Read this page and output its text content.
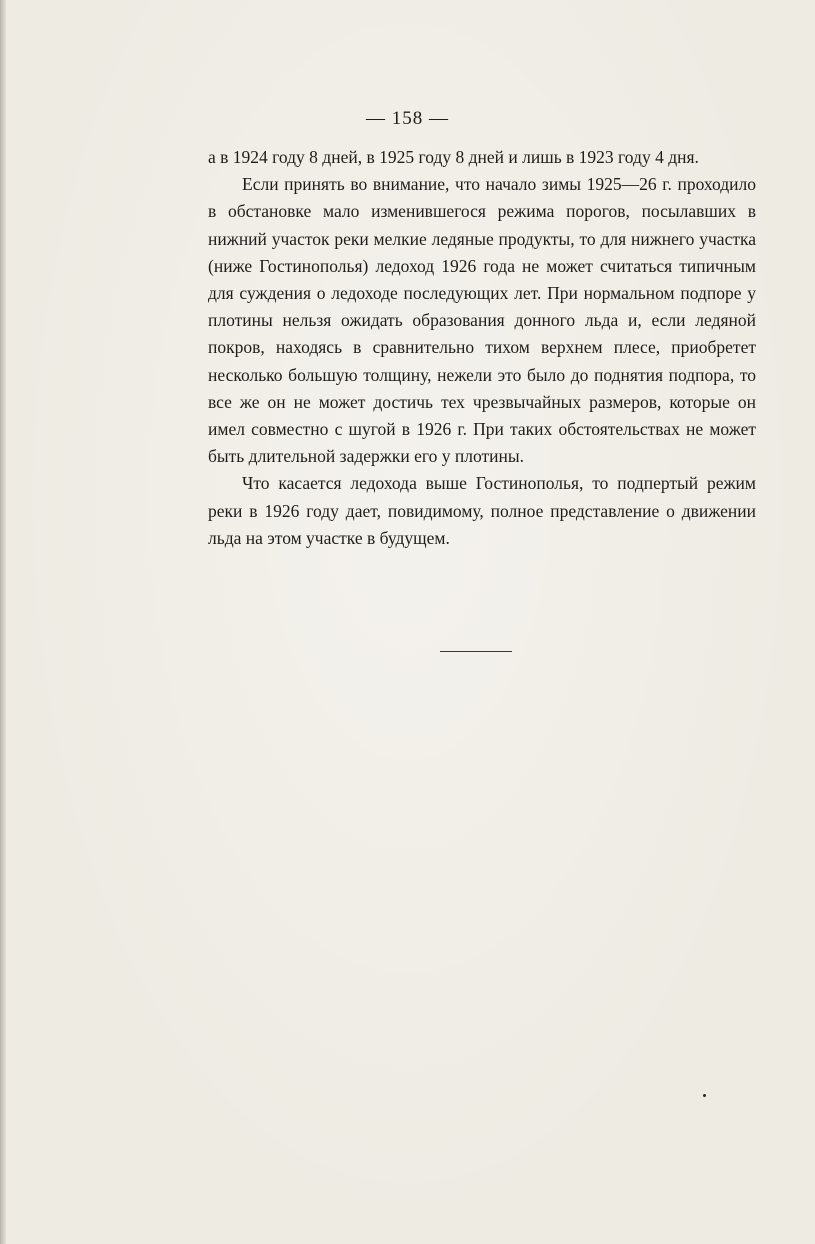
— 158 —

а в 1924 году 8 дней, в 1925 году 8 дней и лишь в 1923 году 4 дня.

Если принять во внимание, что начало зимы 1925—26 г. проходило в обстановке мало изменившегося режима порогов, посылавших в нижний участок реки мелкие ледяные продукты, то для нижнего участка (ниже Гостинополья) ледоход 1926 года не может считаться типичным для суждения о ледоходе последующих лет. При нормальном подпоре у плотины нельзя ожидать образования донного льда и, если ледяной покров, находясь в сравнительно тихом верхнем плесе, приобретет несколько большую толщину, нежели это было до поднятия подпора, то все же он не может достичь тех чрезвычайных размеров, которые он имел совместно с шугой в 1926 г. При таких обстоятельствах не может быть длительной задержки его у плотины.

Что касается ледохода выше Гостинополья, то подпертый режим реки в 1926 году дает, повидимому, полное представление о движении льда на этом участке в будущем.
